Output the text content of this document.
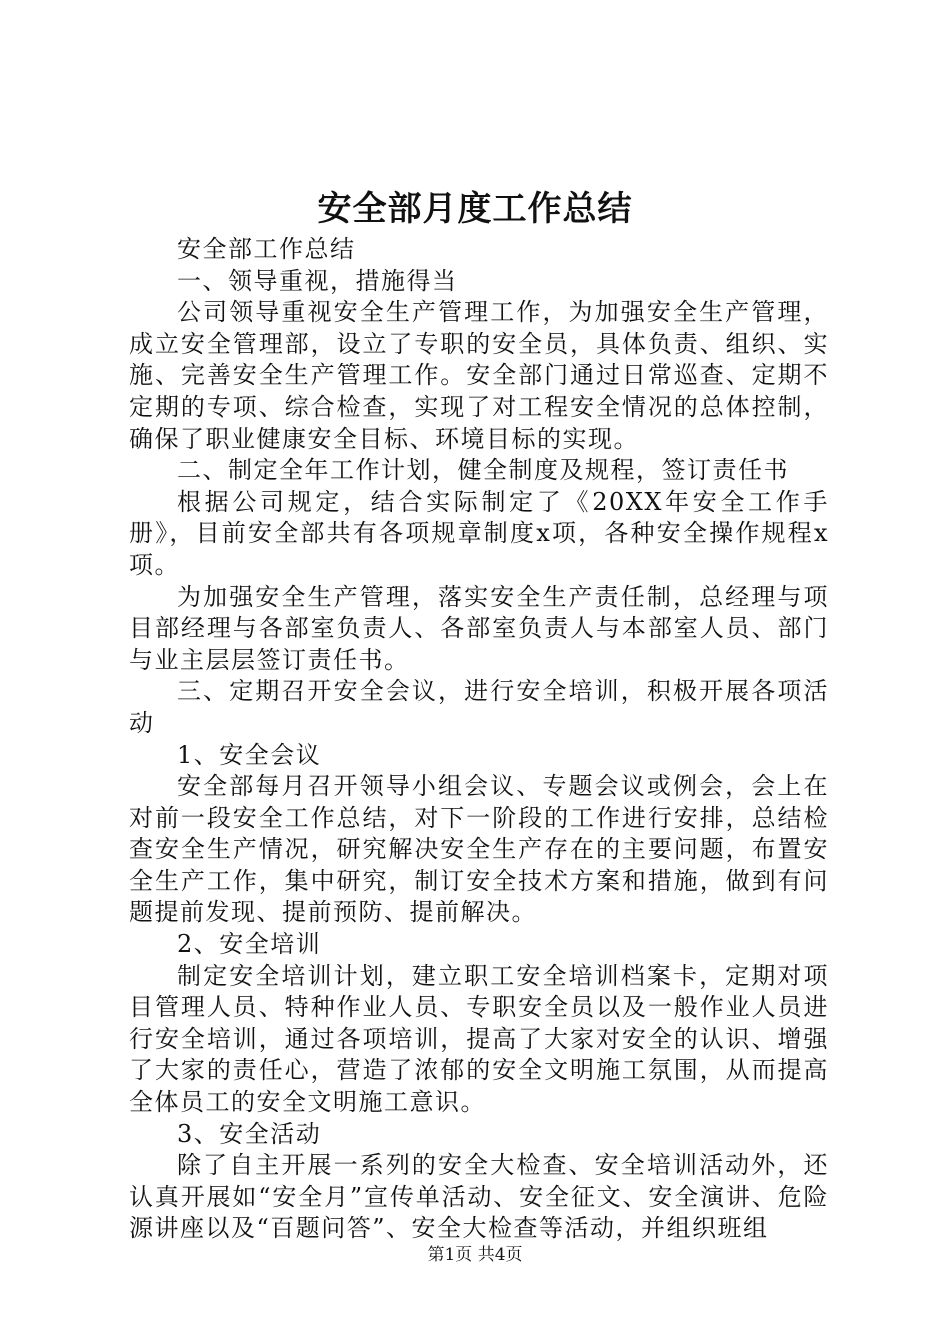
安全部月度工作总结

安全部工作总结

一、领导重视，措施得当

公司领导重视安全生产管理工作，为加强安全生产管理，成立安全管理部，设立了专职的安全员，具体负责、组织、实施、完善安全生产管理工作。安全部门通过日常巡查、定期不定期的专项、综合检查，实现了对工程安全情况的总体控制，确保了职业健康安全目标、环境目标的实现。

二、制定全年工作计划，健全制度及规程，签订责任书

根据公司规定，结合实际制定了《20XX年安全工作手册》，目前安全部共有各项规章制度x项，各种安全操作规程x项。

为加强安全生产管理，落实安全生产责任制，总经理与项目部经理与各部室负责人、各部室负责人与本部室人员、部门与业主层层签订责任书。

三、定期召开安全会议，进行安全培训，积极开展各项活动

1、安全会议

安全部每月召开领导小组会议、专题会议或例会，会上在对前一段安全工作总结，对下一阶段的工作进行安排，总结检查安全生产情况，研究解决安全生产存在的主要问题，布置安全生产工作，集中研究，制订安全技术方案和措施，做到有问题提前发现、提前预防、提前解决。

2、安全培训

制定安全培训计划，建立职工安全培训档案卡，定期对项目管理人员、特种作业人员、专职安全员以及一般作业人员进行安全培训，通过各项培训，提高了大家对安全的认识、增强了大家的责任心，营造了浓郁的安全文明施工氛围，从而提高全体员工的安全文明施工意识。

3、安全活动

除了自主开展一系列的安全大检查、安全培训活动外，还认真开展如“安全月”宣传单活动、安全征文、安全演讲、危险源讲座以及“百题问答”、安全大检查等活动，并组织班组

第1页 共4页
